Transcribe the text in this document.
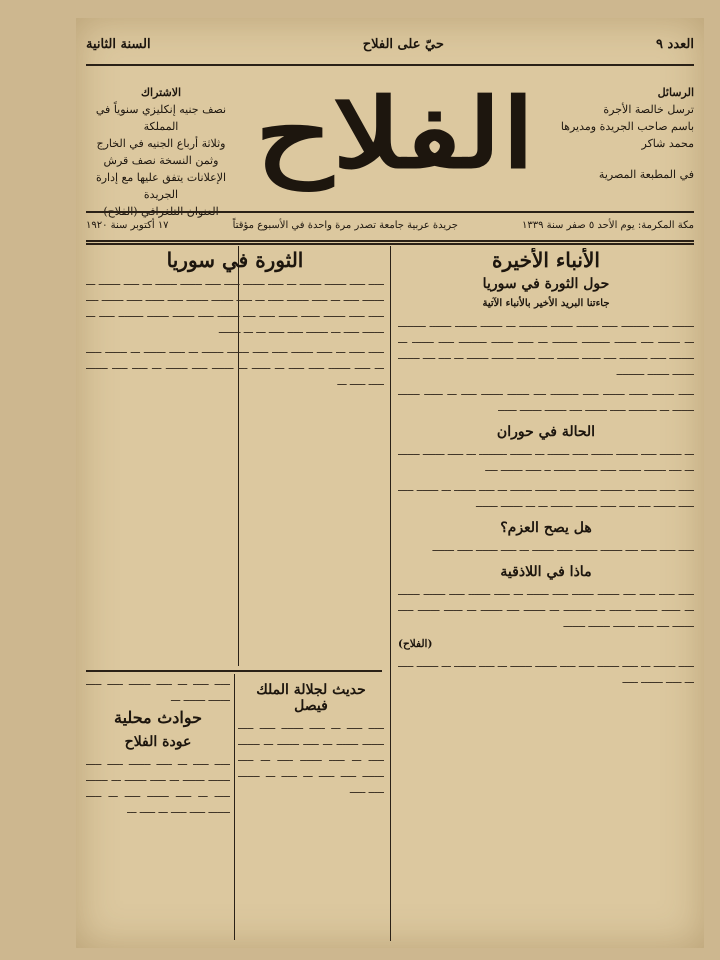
العدد ٩
حيّ على الفلاح
السنة الثانية
الرسائل
ترسل خالصة الأجرة
باسم صاحب الجريدة ومديرها
محمد شاكر
في المطبعة المصرية
الفلاح
الاشتراك
نصف جنيه إنكليزي سنوياً في المملكة
وثلاثة أرباع الجنيه في الخارج
وثمن النسخة نصف قرش
الإعلانات يتفق عليها مع إدارة الجريدة
العنوان التلغرافي (الفلاح)
مكة المكرمة: يوم الأحد ٥ صفر سنة ١٣٣٩
جريدة عربية جامعة تصدر مرة واحدة في الأسبوع مؤقتاً
١٧ أكتوبر سنة ١٩٢٠
الأنباء الأخيرة
حول الثورة في سوريا
جاءتنا البريد الأخير بالأنباء الآتية

ـــــــ ـــــ ـــــــــ ـــــ ـــــــ ـــــــ ـــــــــ ـــ ـــــــ ـــــــ ـــــــ ـــــــــ ـــ ـــــــ ــــ ـــــــ ـــــــــ ــــــــ ـــ ـــــ ـــــــ ـــــــــ ـــــ ـــــــ ـــ ــــــــ ـــــ ـــــــــ ــــ ــــــ ـــــــ ـــــ ــــــ ـــــــ ـــــــ ـــ ــــ ــــ ـــــــ ـــــــ ـــــــ ـــــــــ

ـــــ ـــــــ ــــــ ـــــــ ـــــ ـــــــــ ــــ ـــــــ ـــــــ ـــــ ـــ ــــــ ـــــــ ـــــــ ـــ ـــــــــ ـــــ ـــــــ ــــ ـــــــ ـــــــ ــــــ

الحالة في حوران

ـــ ـــــــ ـــــ ـــــــ ـــــــ ـــــ ـــــــ ـــ ـــــــ ـــــــــ ـــ ـــــ ـــــــ ـــــــ ـــ ــــ ـــــــ ـــــــ ـــــ ــــــ ـــــــ ــ ـــــ ـــــــ ــــ

ـــــ ـــــ ــــــ ـــ ـــــــ ــــــ ـــــ ـــــــ ـــــــ ـــ ـــــ ـــــــ ـــ ـــــــ ـــــ ـــــ ـــــــ ــــ ـــــ ـــــ ـــــــ ـــــــ ـــ ـــ ـــــــ ـــــــ

هل يصح العزم؟

ـــــ ـــــ ـــــ ــــ ـــــــ ـــــــ ـــــ ـــــــ ـــ ـــــ ـــــــ ـــــ ـــــــ

ماذا في اللاذقية

ـــــ ـــــ ـــــ ــــ ـــــــ ـــــــ ـــــ ـــــــ ـــ ـــــ ـــــــ ـــــ ـــــــ ـــــــ ـــ ــــــ ـــــــ ـــــــ ـــ ـــــــــ ـــ ـــــــ ــــ ـــــــ ـــ ــــــ ـــــــ ـــــ ـــــــ ــــ ـــــ ـــــــ ـــــــ ـــــــ

(الفلاح)

ـــــ ـــــــ ـــ ـــــ ـــــــ ـــــ ـــــ ـــــــ ـــــــ ـــ ـــــ ـــــــ ـــ ـــــــ ـــــ ـــ ـــــ ـــــــ ـــــ

الثورة في سوريا

ـــــ ـــــ ـــــــ ـــــــ ـــ ـــــ ـــــــ ـــــ ـــــ ـــــــ ـــــــ ـــ ـــــ ـــــــ ـــ ـــــــ ـــــ ـــ ـــــ ـــــــ ـــــ ـــ ـــــ ـــــــ ـــــــ ـــــ ــــــ ـــــ ـــــــ ــــ ـــــ ـــــ ـــــــ ــــــ ــــــ ـــــ ــــ ـــــــ ـــــ ـــــــ ـــــــ ــــــــ ـــــ ـــ ـــــــ ـــــ ـــ ـــــــ ـــــ ـــــ ـــ ـــ ـــــــ

ـــــ ـــــ ـــ ـــــ ـــــــ ـــــ ـــــ ـــــــ ـــــــ ـــ ـــــ ـــــــ ـــ ـــــــ ـــــ ـــ ـــــ ـــــــ ـــــ ـــــ ـــ ــــــ ـــ ـــــــ ـــــ ـــــــ ـــ ـــــ ـــــ ـــــــ ـــــ ـــــ ـــ

حديث لجلالة الملك فيصل

ـــــ ـــــ ـــ ـــــ ـــــــ ـــــ ـــــ ـــــــ ـــــــ ـــ ـــــ ـــــــ ـــ ـــــــ ـــــ ـــ ـــــ ـــــــ ـــــ ـــ ـــــ ـــــــ ـــــ ـــــ ـــ ـــــ ـــ ـــــــ ـــــ ـــــ

ـــــ ـــــ ـــ ـــــ ـــــــ ـــــ ـــــ ـــــــ ـــــــ ـــ

حوادث محلية
عودة الفلاح

ـــــ ـــــ ـــ ـــــ ـــــــ ـــــ ـــــ ـــــــ ـــــــ ـــ ـــــ ـــــــ ـــ ـــــــ ـــــ ـــ ـــــ ـــــــ ـــــ ـــ ـــــ ـــــــ ـــــ ـــــ ـــ ـــــ ـــ
